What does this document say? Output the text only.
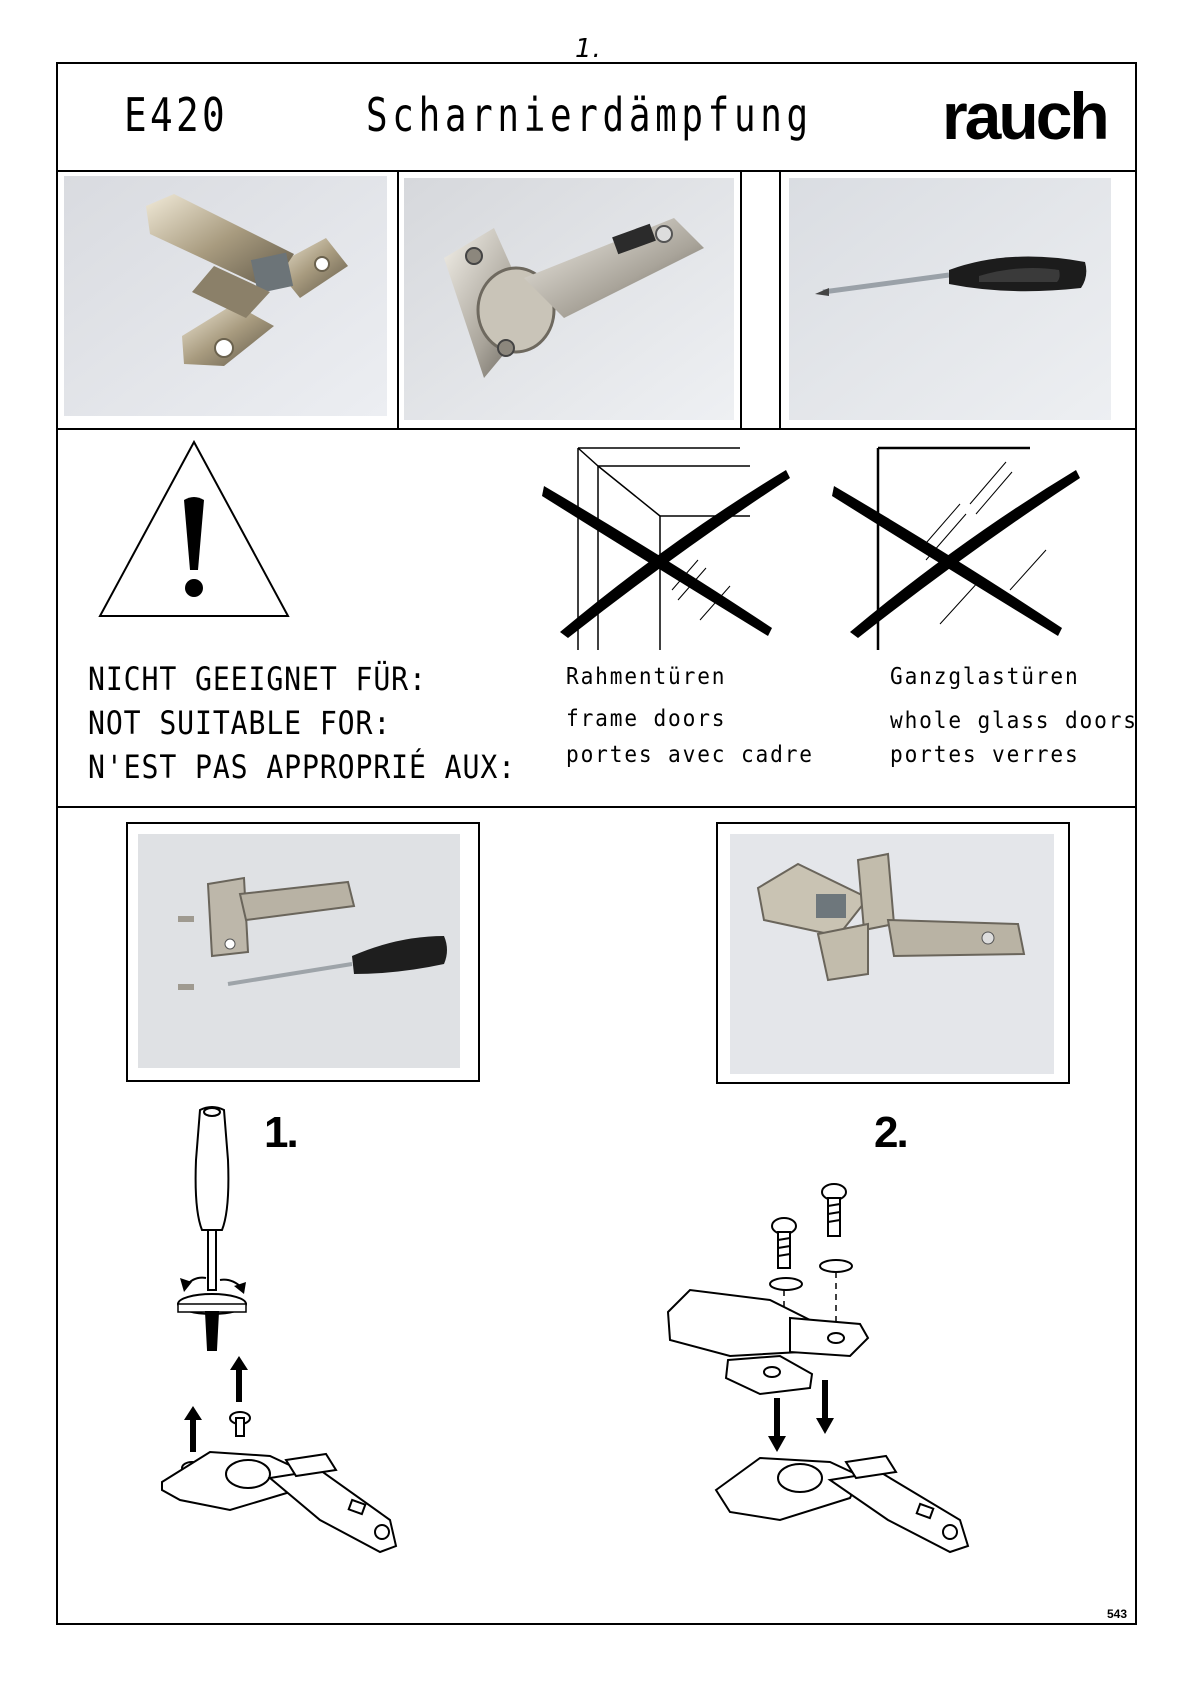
1.
E420	Scharnierdämpfung rauch
NICHT GEEIGNET FÜR:
NOT SUITABLE FOR:
N'EST PAS APPROPRIÉ AUX:
Rahmentüren
frame doors
portes avec cadre
Ganzglastüren
whole glass doors
portes verres
1.	2.
543
